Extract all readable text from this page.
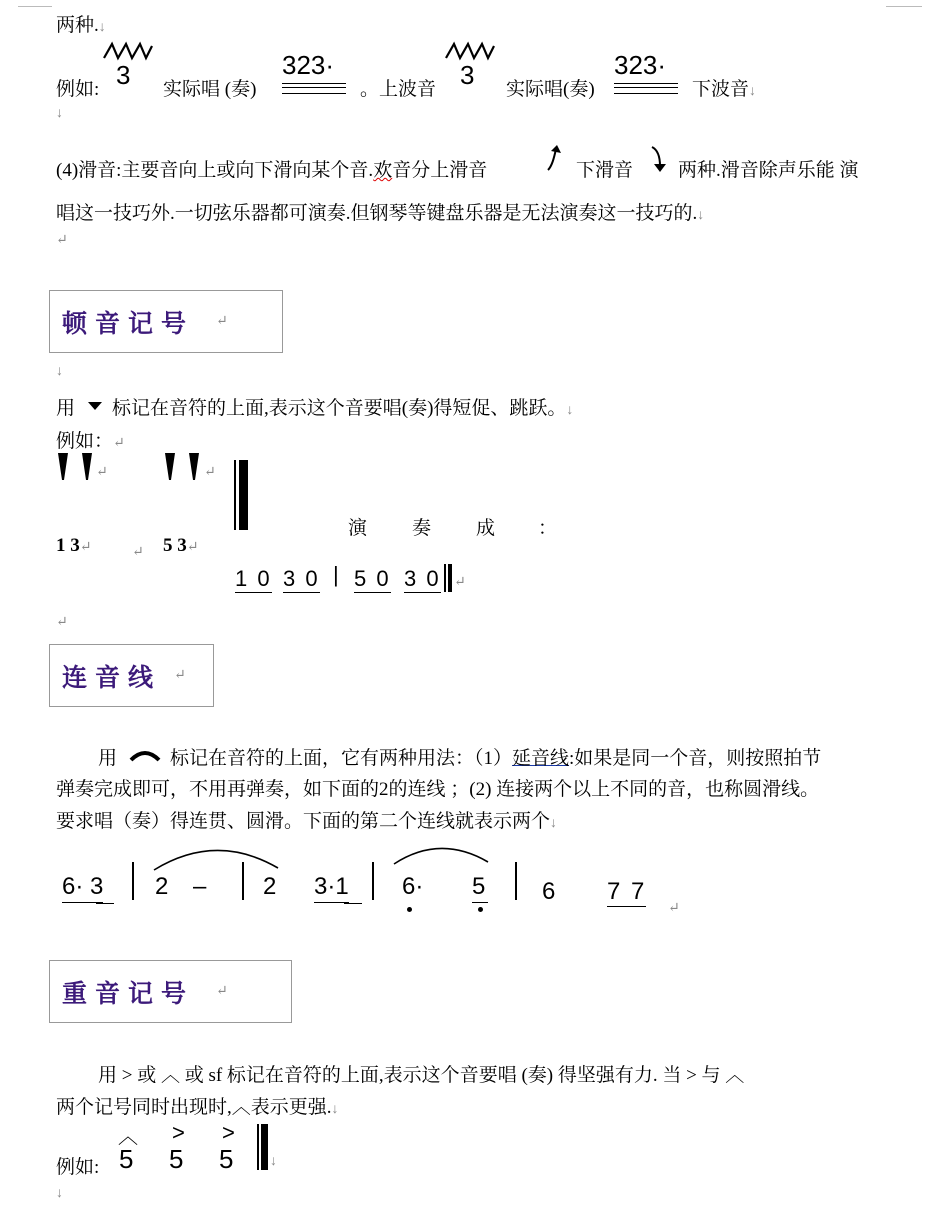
两种.↓
例如: 3 实际唱 (奏)
323·
。上波音 3 实际唱(奏)
323·
下波音↓
↓
(4)滑音:主要音向上或向下滑向某个音.欢音分上滑音	下滑音 两种.滑音除声乐能 演
唱这一技巧外.一切弦乐器都可演奏.但钢琴等键盘乐器是无法演奏这一技巧的.↓
↵
顿音记号 ↵
↓
用 标记在音符的上面,表示这个音要唱(奏)得短促、跳跃。↓
例如：↵
↵	↵
1 3↵	↵ 5 3↵
演 奏 成 ：
1 0 3 0 | 5 0 3 0 ↵
↵
连音线 ↵
用	标记在音符的上面，它有两种用法：（1）延音线:如果是同一个音，则按照拍节
弹奏完成即可，不用再弹奏，如下面的2的连线 ；(2) 连接两个以上不同的音，也称圆滑线。
要求唱（奏）得连贯、圆滑。下面的第二个连线就表示两个↓
6· 3 2 – 2 3·1 6· 5 6 7 7
↵
重音记号 ↵
用 > 或 ︿ 或 sf 标记在音符的上面,表示这个音要唱 (奏) 得坚强有力. 当 > 与 ︿
两个记号同时出现时,︿表示更强.↓
例如:
︿ > >
5 5 5	↓
↓
